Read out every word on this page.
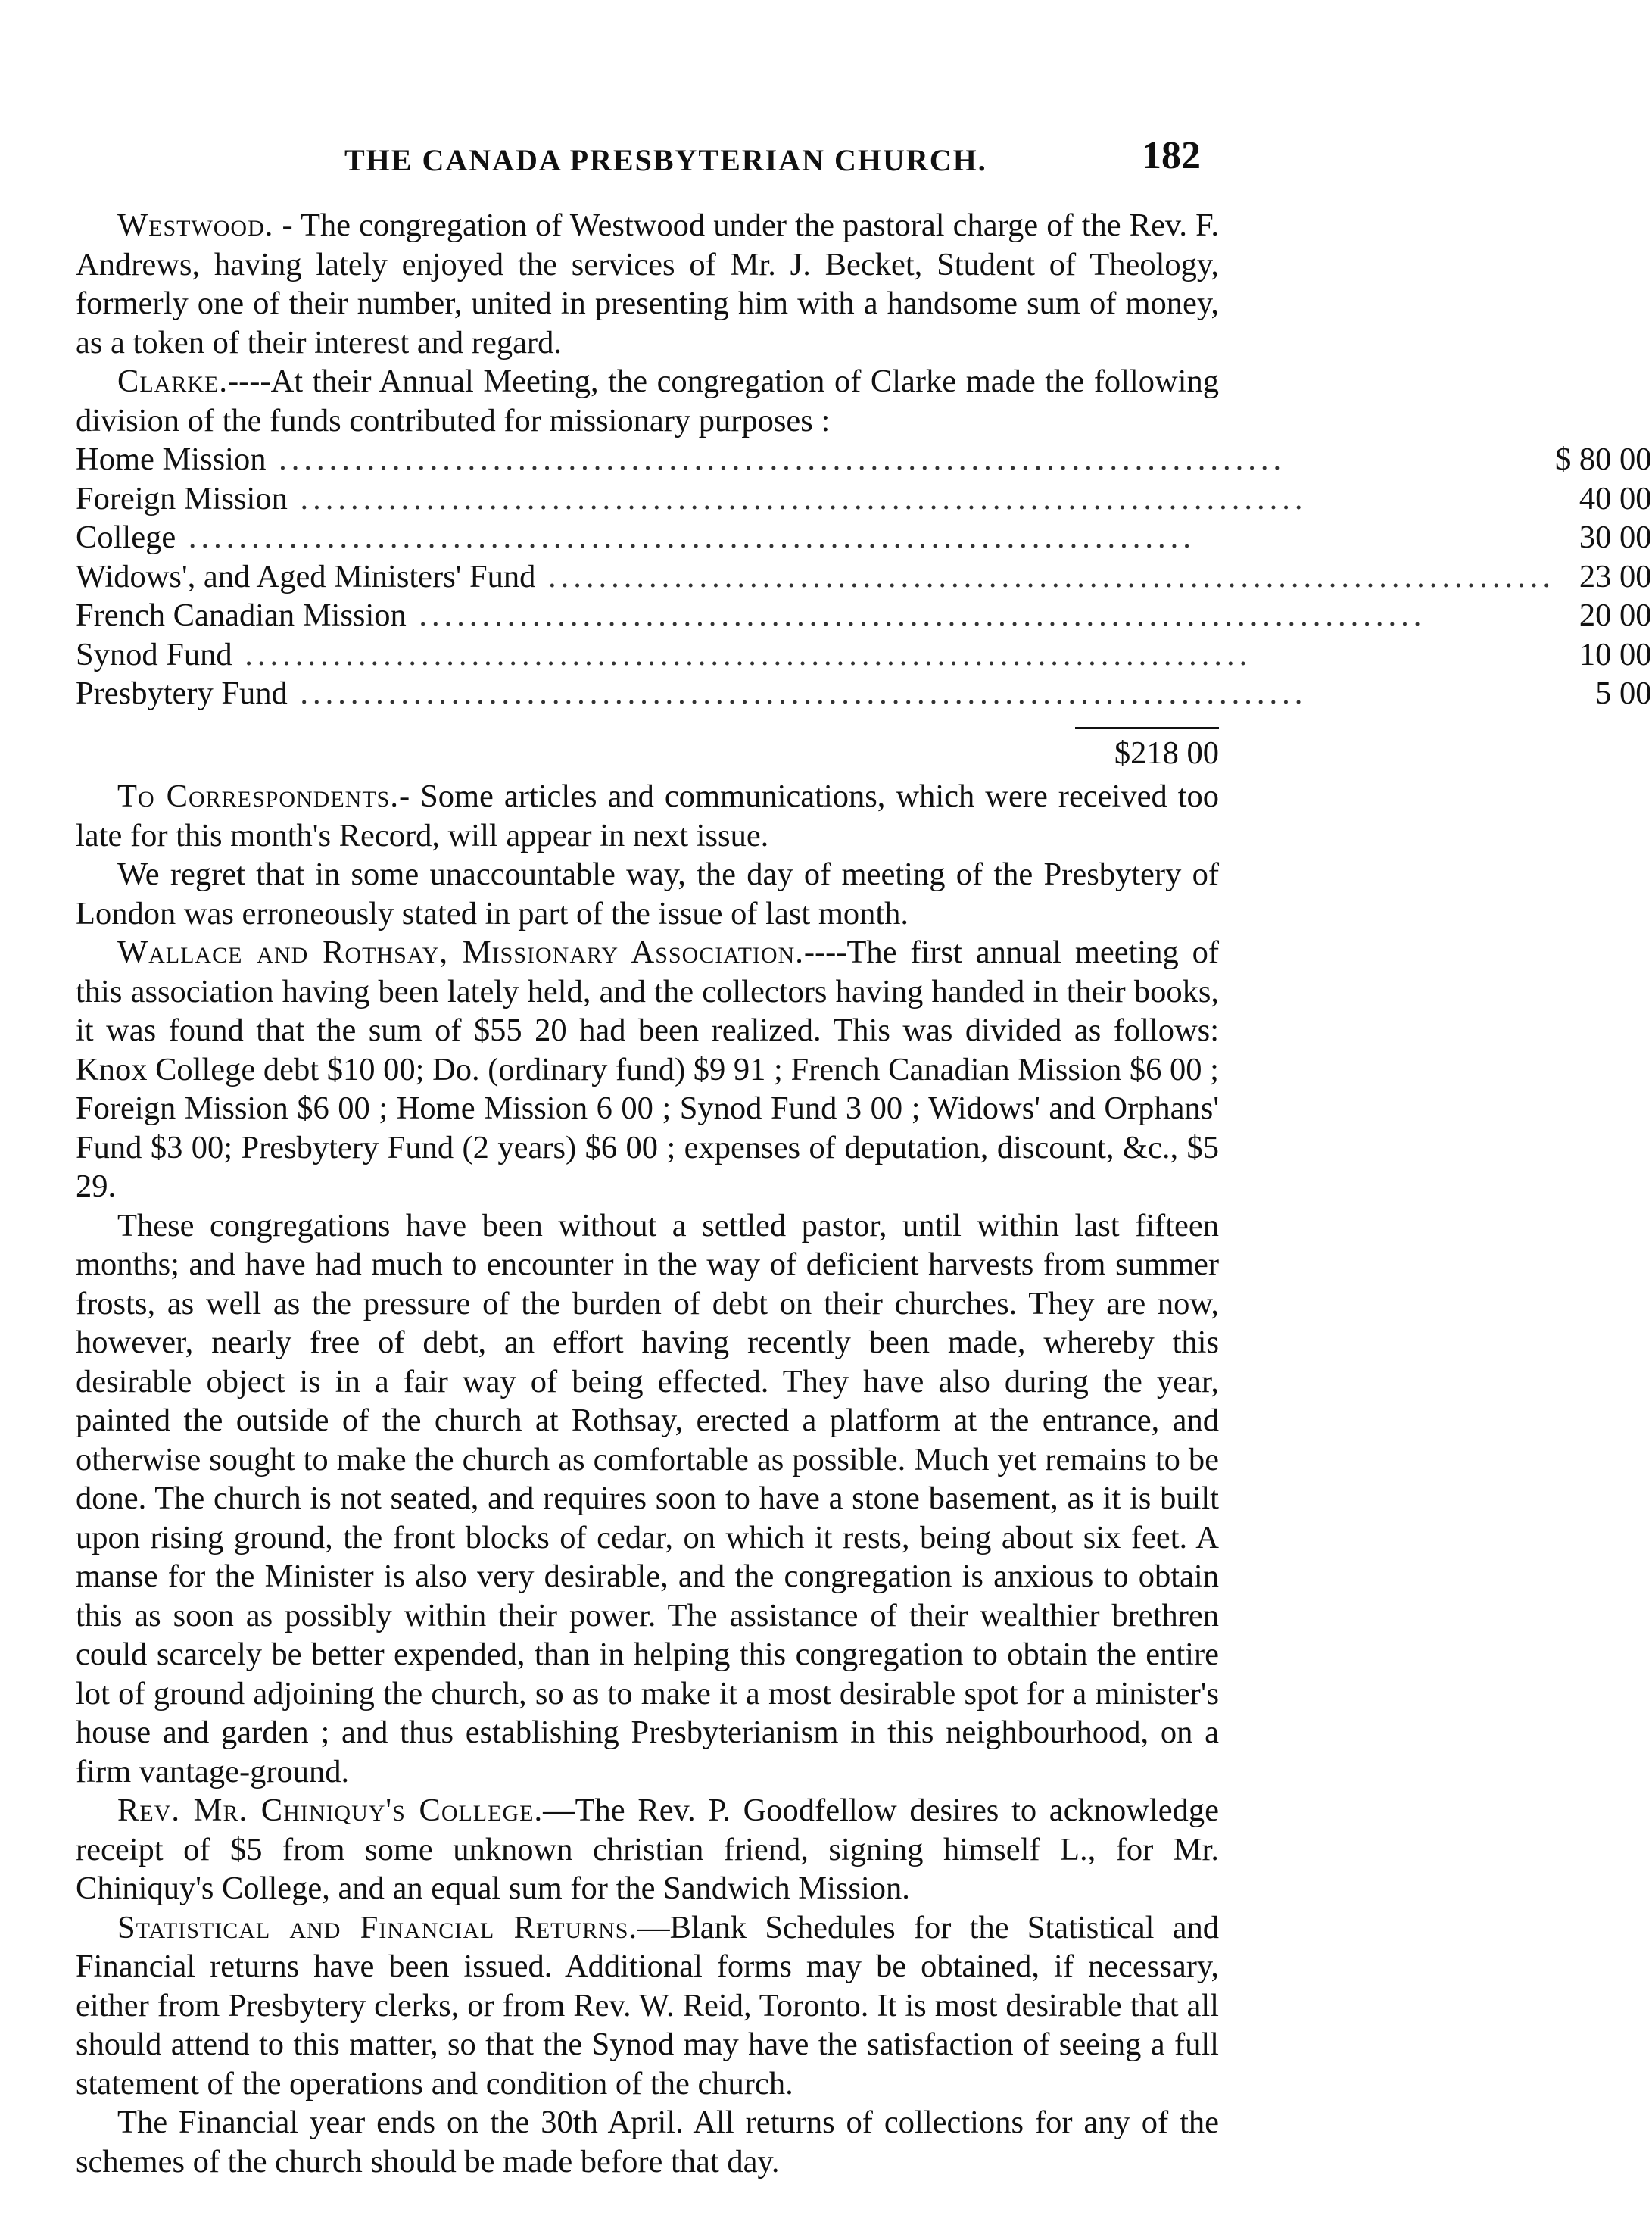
THE CANADA PRESBYTERIAN CHURCH.	182

Westwood. - The congregation of Westwood under the pastoral charge of the Rev. F. Andrews, having lately enjoyed the services of Mr. J. Becket, Student of Theology, formerly one of their number, united in presenting him with a handsome sum of money, as a token of their interest and regard.

Clarke.----At their Annual Meeting, the congregation of Clarke made the following division of the funds contributed for missionary purposes :

Home Mission ................................................................................	$ 80 00
Foreign Mission ................................................................................	40 00
College ................................................................................	30 00
Widows', and Aged Ministers' Fund ................................................................................	23 00
French Canadian Mission ................................................................................	20 00
Synod Fund ................................................................................	10 00
Presbytery Fund ................................................................................	5 00
$218 00

To Correspondents.- Some articles and communications, which were received too late for this month's Record, will appear in next issue.

We regret that in some unaccountable way, the day of meeting of the Presbytery of London was erroneously stated in part of the issue of last month.

Wallace and Rothsay, Missionary Association.----The first annual meeting of this association having been lately held, and the collectors having handed in their books, it was found that the sum of $55 20 had been realized. This was divided as follows: Knox College debt $10 00; Do. (ordinary fund) $9 91 ; French Canadian Mission $6 00 ; Foreign Mission $6 00 ; Home Mission 6 00 ; Synod Fund 3 00 ; Widows' and Orphans' Fund $3 00; Presbytery Fund (2 years) $6 00 ; expenses of deputation, discount, &c., $5 29.

These congregations have been without a settled pastor, until within last fifteen months; and have had much to encounter in the way of deficient harvests from summer frosts, as well as the pressure of the burden of debt on their churches. They are now, however, nearly free of debt, an effort having recently been made, whereby this desirable object is in a fair way of being effected. They have also during the year, painted the outside of the church at Rothsay, erected a platform at the entrance, and otherwise sought to make the church as comfortable as possible. Much yet remains to be done. The church is not seated, and requires soon to have a stone basement, as it is built upon rising ground, the front blocks of cedar, on which it rests, being about six feet. A manse for the Minister is also very desirable, and the congregation is anxious to obtain this as soon as possibly within their power. The assistance of their wealthier brethren could scarcely be better expended, than in helping this congregation to obtain the entire lot of ground adjoining the church, so as to make it a most desirable spot for a minister's house and garden ; and thus establishing Presbyterianism in this neighbourhood, on a firm vantage-ground.

Rev. Mr. Chiniquy's College.—The Rev. P. Goodfellow desires to acknowledge receipt of $5 from some unknown christian friend, signing himself L., for Mr. Chiniquy's College, and an equal sum for the Sandwich Mission.

Statistical and Financial Returns.—Blank Schedules for the Statistical and Financial returns have been issued. Additional forms may be obtained, if necessary, either from Presbytery clerks, or from Rev. W. Reid, Toronto. It is most desirable that all should attend to this matter, so that the Synod may have the satisfaction of seeing a full statement of the operations and condition of the church.

The Financial year ends on the 30th April. All returns of collections for any of the schemes of the church should be made before that day.
